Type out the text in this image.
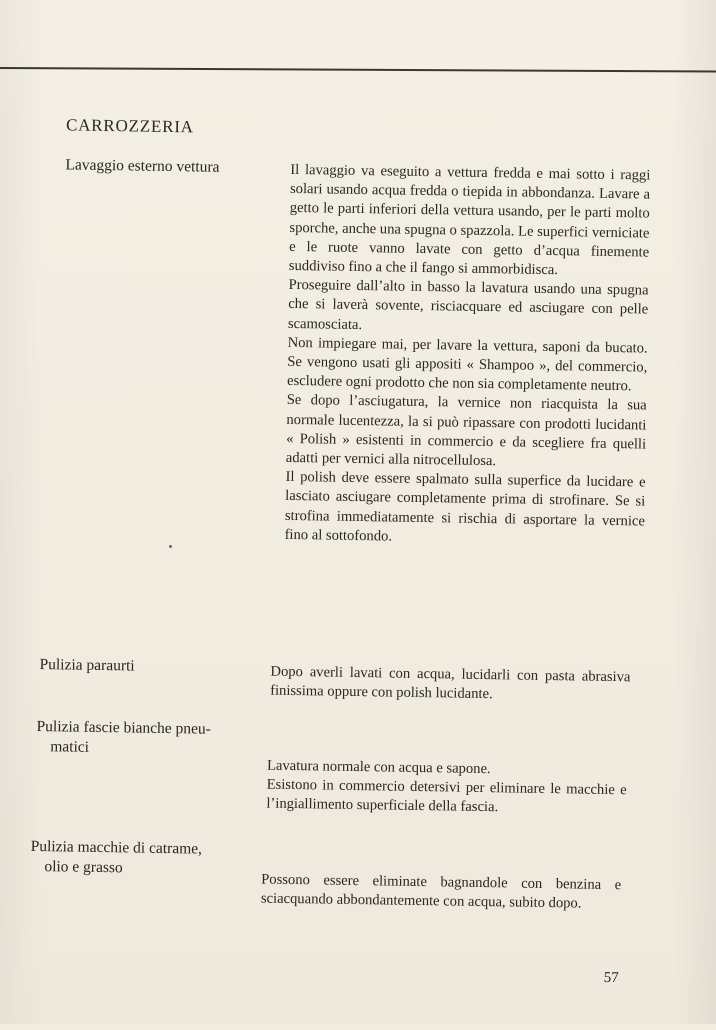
CARROZZERIA
Lavaggio esterno vettura	Il lavaggio va eseguito a vettura fredda e mai sotto i raggi solari usando acqua fredda o tiepida in abbondanza. Lavare a getto le parti inferiori della vettura usando, per le parti molto sporche, anche una spugna o spazzola. Le superfici verniciate e le ruote vanno lavate con getto d’acqua finemente suddiviso fino a che il fango si ammorbidisca.

Proseguire dall’alto in basso la lavatura usando una spugna che si laverà sovente, risciacquare ed asciugare con pelle scamosciata.

Non impiegare mai, per lavare la vettura, saponi da bucato. Se vengono usati gli appositi « Shampoo », del commercio, escludere ogni prodotto che non sia completamente neutro.

Se dopo l’asciugatura, la vernice non riacquista la sua normale lucentezza, la si può ripassare con prodotti lucidanti « Polish » esistenti in commercio e da scegliere fra quelli adatti per vernici alla nitrocellulosa.

Il polish deve essere spalmato sulla superfice da lucidare e lasciato asciugare completamente prima di strofinare. Se si strofina immediatamente si rischia di asportare la vernice fino al sottofondo.

Pulizia paraurti	Dopo averli lavati con acqua, lucidarli con pasta abrasiva finissima oppure con polish lucidante.

Pulizia fascie bianche pneu-
matici

Lavatura normale con acqua e sapone.

Esistono in commercio detersivi per eliminare le macchie e l’ingiallimento superficiale della fascia.

Pulizia macchie di catrame,
olio e grasso

Possono essere eliminate bagnandole con benzina e sciacquando abbondantemente con acqua, subito dopo.

57
